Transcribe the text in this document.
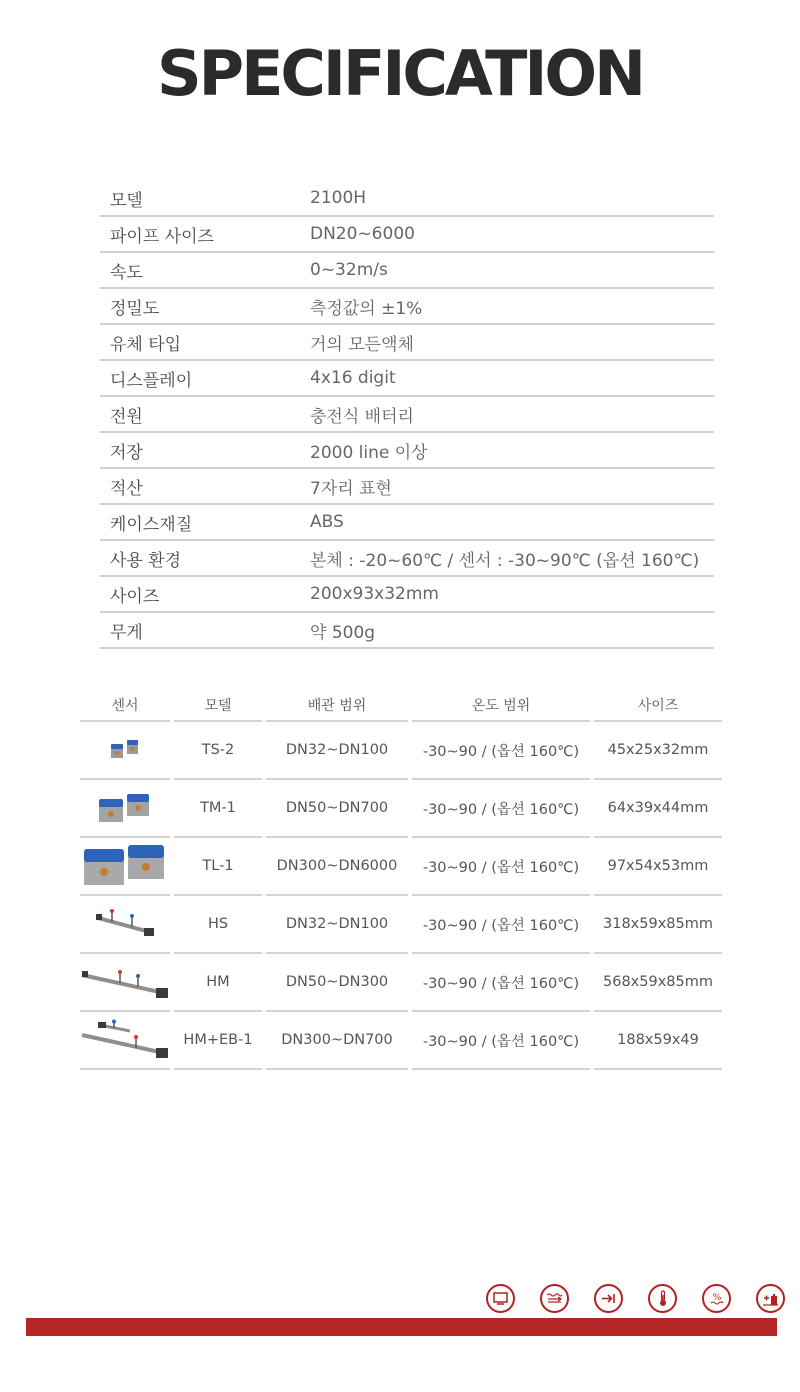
SPECIFICATION
모델	2100H
파이프 사이즈	DN20~6000
속도	0~32m/s
정밀도	측정값의 ±1%
유체 타입	거의 모든액체
디스플레이	4x16 digit
전원	충전식 배터리
저장	2000 line 이상
적산	7자리 표현
케이스재질	ABS
사용 환경	본체 : -20~60℃ / 센서 : -30~90℃ (옵션 160℃)
사이즈	200x93x32mm
무게	약 500g
센서	모델	배관 범위	온도 범위	사이즈

	TS-2	DN32~DN100	-30~90 / (옵션 160℃)	45x25x32mm

	TM-1	DN50~DN700	-30~90 / (옵션 160℃)	64x39x44mm

	TL-1	DN300~DN6000	-30~90 / (옵션 160℃)	97x54x53mm

	HS	DN32~DN100	-30~90 / (옵션 160℃)	318x59x85mm

	HM	DN50~DN300	-30~90 / (옵션 160℃)	568x59x85mm

	HM+EB-1	DN300~DN700	-30~90 / (옵션 160℃)	188x59x49
%
